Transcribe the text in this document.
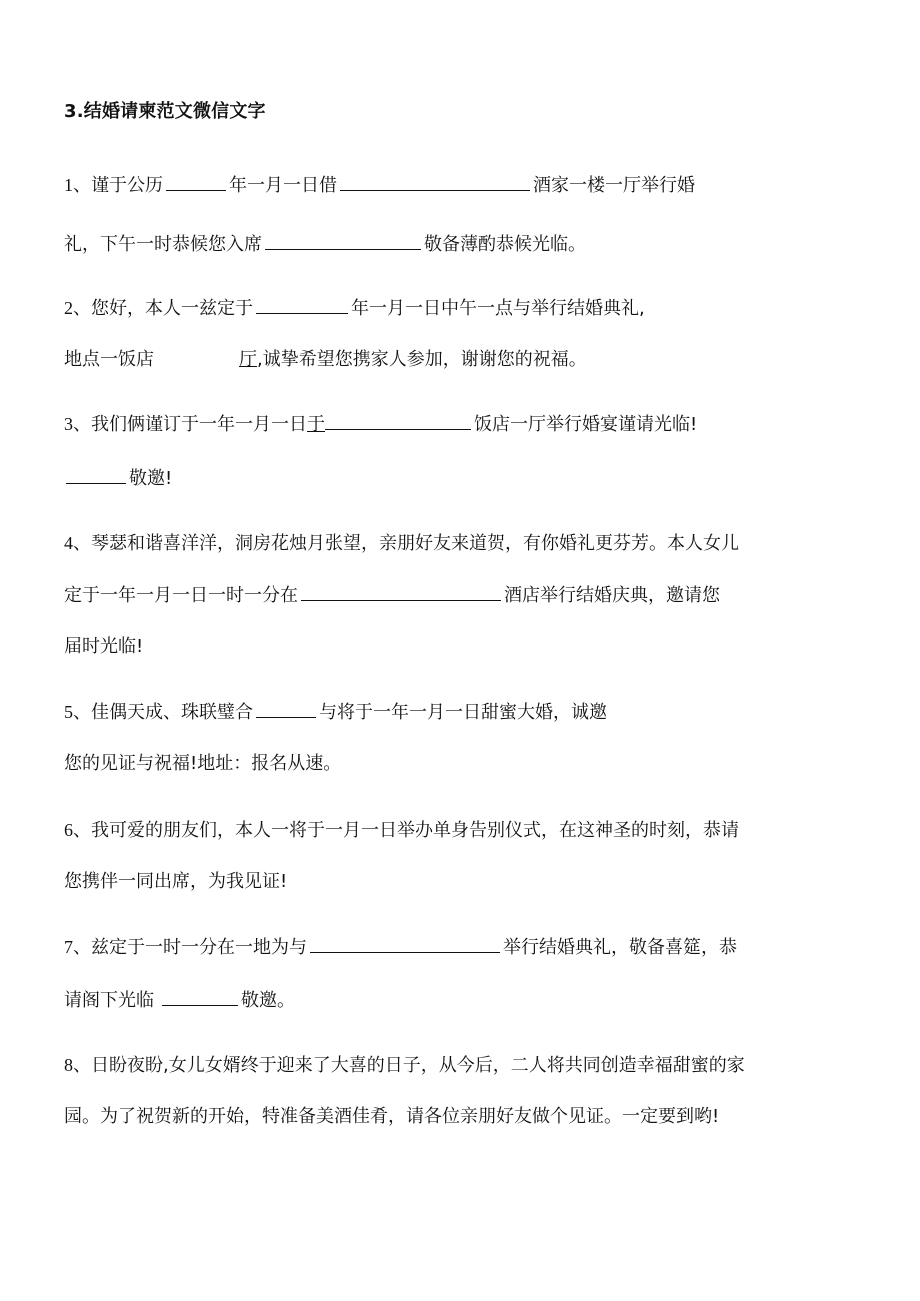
3.结婚请柬范文微信文字
1、谨于公历	年一月一日借	酒家一楼一厅举行婚
礼，下午一时恭候您入席	敬备薄酌恭候光临。
2、您好，本人一兹定于	年一月一日中午一点与举行结婚典礼,
地点一饭店	厅,诚挚希望您携家人参加，谢谢您的祝福。
3、我们俩谨订于一年一月一日于	饭店一厅举行婚宴谨请光临!
敬邀!
4、琴瑟和谐喜洋洋，洞房花烛月张望，亲朋好友来道贺，有你婚礼更芬芳。本人女儿
定于一年一月一日一时一分在	酒店举行结婚庆典，邀请您
届时光临!
5、佳偶天成、珠联璧合	与将于一年一月一日甜蜜大婚，诚邀
您的见证与祝福!地址：报名从速。
6、我可爱的朋友们，本人一将于一月一日举办单身告别仪式，在这神圣的时刻，恭请
您携伴一同出席，为我见证!
7、兹定于一时一分在一地为与	举行结婚典礼，敬备喜筵，恭
请阁下光临	敬邀。
8、日盼夜盼,女儿女婿终于迎来了大喜的日子，从今后，二人将共同创造幸福甜蜜的家
园。为了祝贺新的开始，特准备美酒佳肴，请各位亲朋好友做个见证。一定要到哟!
